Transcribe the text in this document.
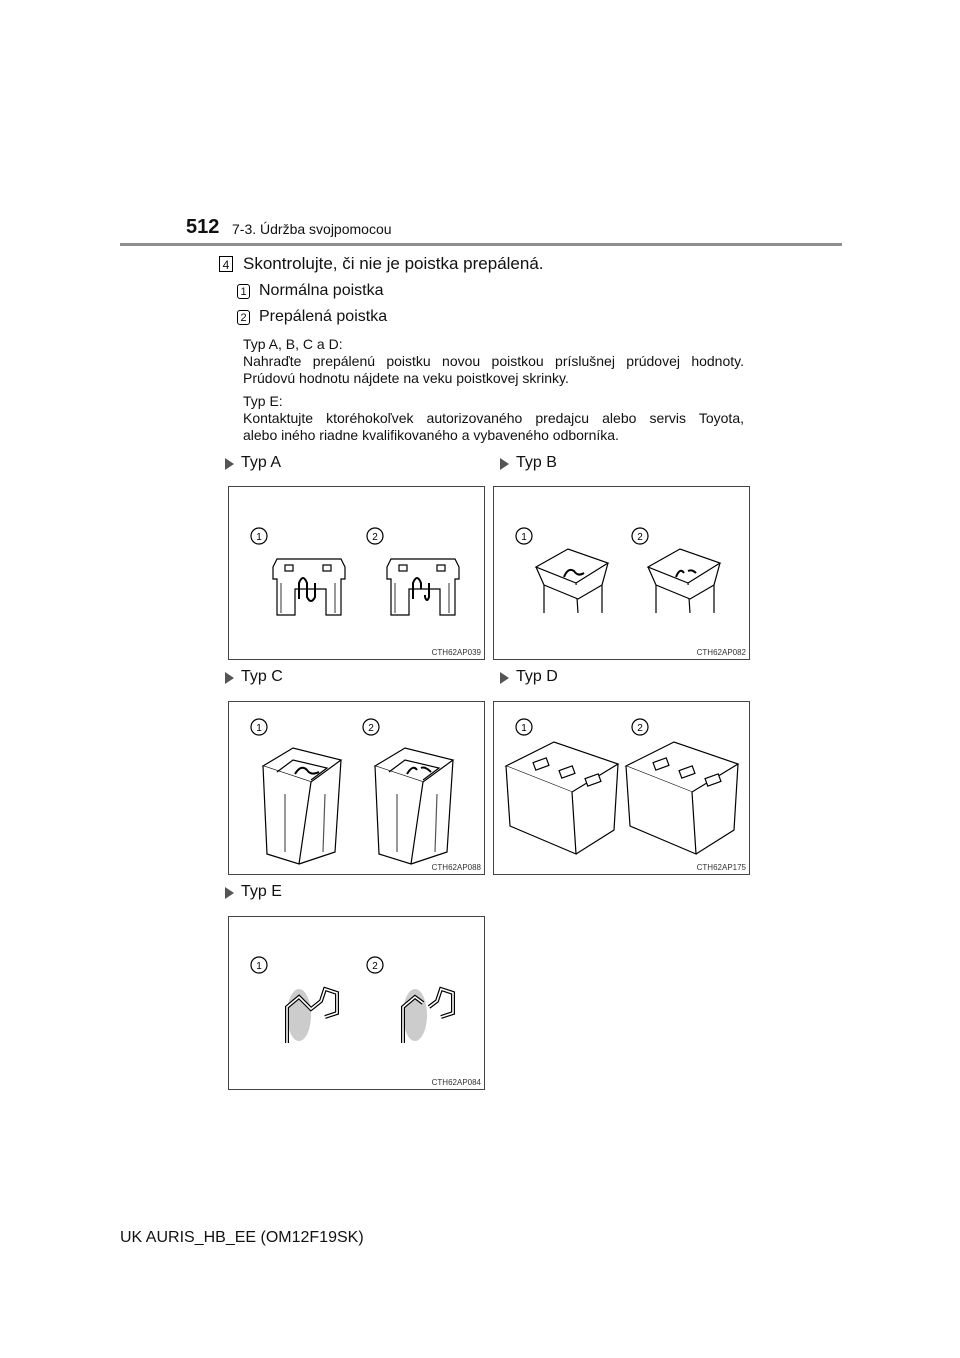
512 7-3. Údržba svojpomocou
4 Skontrolujte, či nie je poistka prepálená.
1 Normálna poistka
2 Prepálená poistka
Typ A, B, C a D:
Nahraďte prepálenú poistku novou poistkou príslušnej prúdovej hodnoty.
Prúdovú hodnotu nájdete na veku poistkovej skrinky.
Typ E:
Kontaktujte ktoréhokoľvek autorizovaného predajcu alebo servis Toyota,
alebo iného riadne kvalifikovaného a vybaveného odborníka.
Typ A	Typ B
Typ C	Typ D
Typ E
1	2
CTH62AP039
1	2
CTH62AP082
1	2
CTH62AP088
1	2
CTH62AP175
1	2
CTH62AP084
UK AURIS_HB_EE (OM12F19SK)
